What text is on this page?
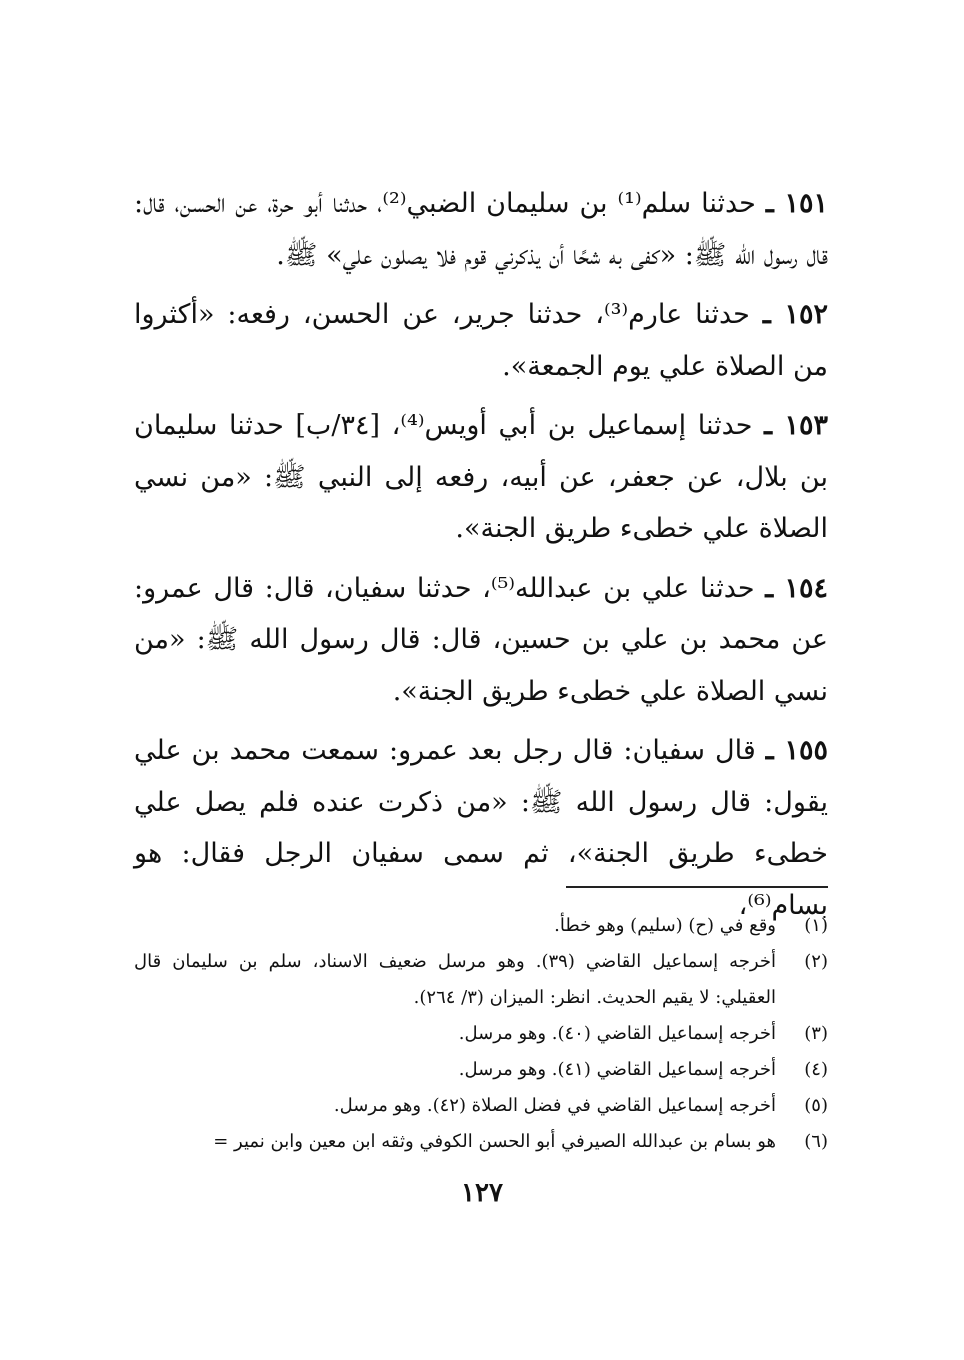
١٥١ ـ حدثنا سلم⁽¹⁾ بن سليمان الضبي⁽²⁾، حدثنا أبو حرة، عن الحسن، قال: قال رسول الله ﷺ: «كفى به شحًا أن يذكرني قوم فلا يصلون علي» ﷺ.

١٥٢ ـ حدثنا عارم⁽³⁾، حدثنا جرير، عن الحسن، رفعه: «أكثروا من الصلاة علي يوم الجمعة».

١٥٣ ـ حدثنا إسماعيل بن أبي أويس⁽⁴⁾، [٣٤/ب] حدثنا سليمان بن بلال، عن جعفر، عن أبيه، رفعه إلى النبي ﷺ: «من نسي الصلاة علي خطىء طريق الجنة».

١٥٤ ـ حدثنا علي بن عبدالله⁽⁵⁾، حدثنا سفيان، قال: قال عمرو: عن محمد بن علي بن حسين، قال: قال رسول الله ﷺ: «من نسي الصلاة علي خطىء طريق الجنة».

١٥٥ ـ قال سفيان: قال رجل بعد عمرو: سمعت محمد بن علي يقول: قال رسول الله ﷺ: «من ذكرت عنده فلم يصل علي خطىء طريق الجنة»، ثم سمى سفيان الرجل فقال: هو بسام⁽⁶⁾،

(١)
وقع في (ح) (سليم) وهو خطأ.
(٢)
أخرجه إسماعيل القاضي (٣٩). وهو مرسل ضعيف الاسناد، سلم بن سليمان قال العقيلي: لا يقيم الحديث. انظر: الميزان (٣/ ٢٦٤).
(٣)
أخرجه إسماعيل القاضي (٤٠). وهو مرسل.
(٤)
أخرجه إسماعيل القاضي (٤١). وهو مرسل.
(٥)
أخرجه إسماعيل القاضي في فضل الصلاة (٤٢). وهو مرسل.
(٦)
هو بسام بن عبدالله الصيرفي أبو الحسن الكوفي وثقه ابن معين وابن نمير =
١٢٧
